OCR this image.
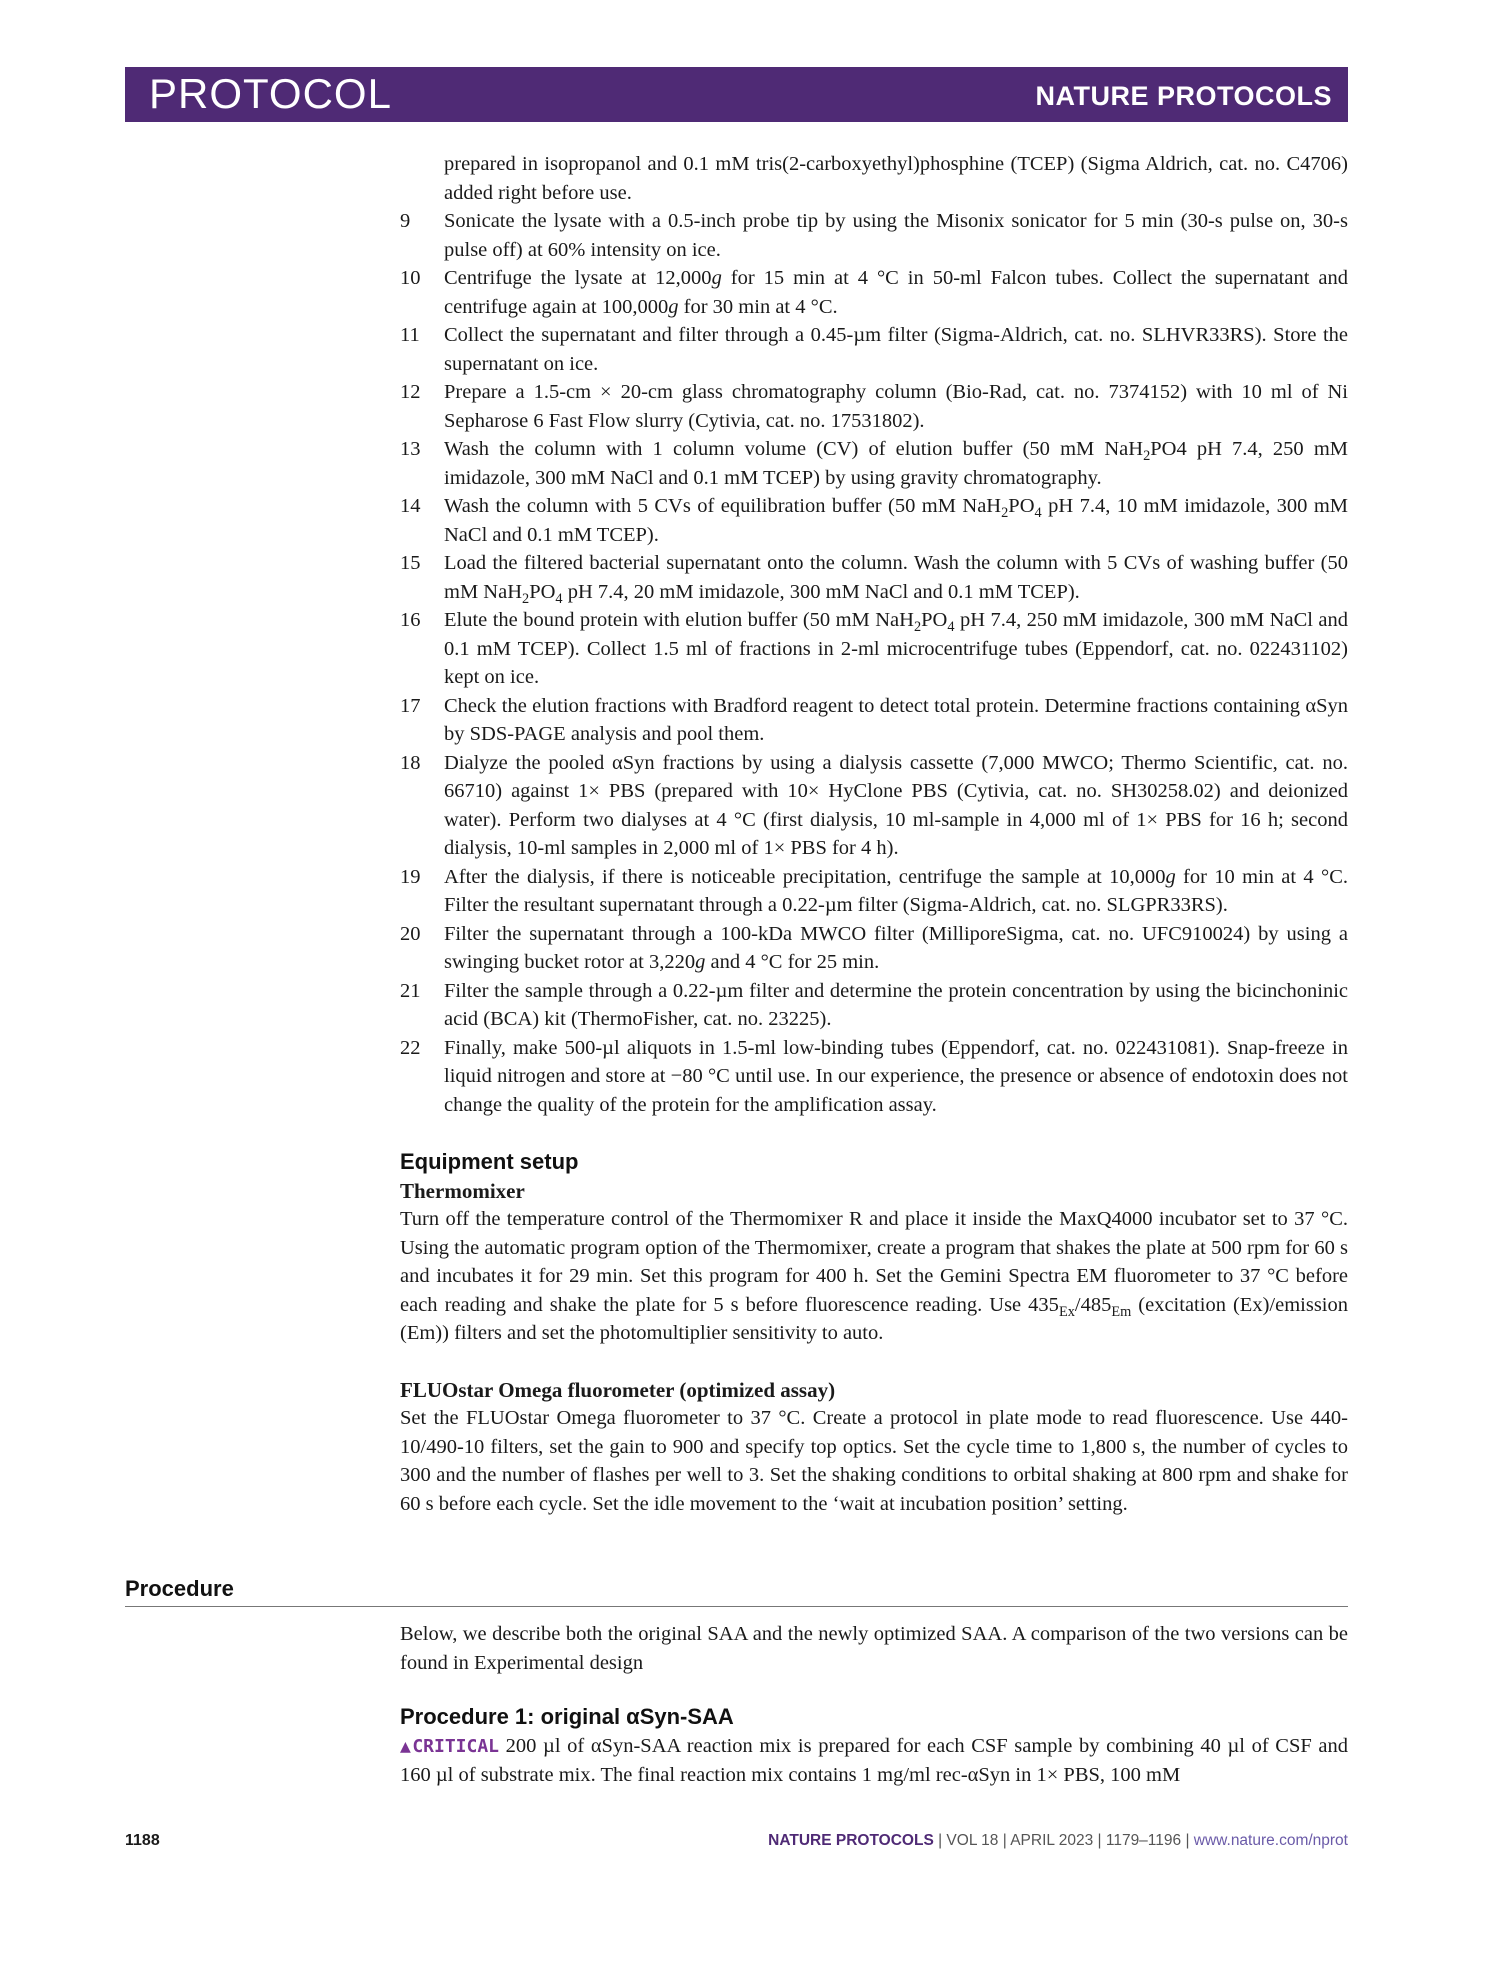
PROTOCOL	NATURE PROTOCOLS
prepared in isopropanol and 0.1 mM tris(2-carboxyethyl)phosphine (TCEP) (Sigma Aldrich, cat. no. C4706) added right before use.
9 Sonicate the lysate with a 0.5-inch probe tip by using the Misonix sonicator for 5 min (30-s pulse on, 30-s pulse off) at 60% intensity on ice.
10 Centrifuge the lysate at 12,000g for 15 min at 4 °C in 50-ml Falcon tubes. Collect the supernatant and centrifuge again at 100,000g for 30 min at 4 °C.
11 Collect the supernatant and filter through a 0.45-µm filter (Sigma-Aldrich, cat. no. SLHVR33RS). Store the supernatant on ice.
12 Prepare a 1.5-cm × 20-cm glass chromatography column (Bio-Rad, cat. no. 7374152) with 10 ml of Ni Sepharose 6 Fast Flow slurry (Cytivia, cat. no. 17531802).
13 Wash the column with 1 column volume (CV) of elution buffer (50 mM NaH$_2$PO4 pH 7.4, 250 mM imidazole, 300 mM NaCl and 0.1 mM TCEP) by using gravity chromatography.
14 Wash the column with 5 CVs of equilibration buffer (50 mM $NaH_2PO_4$ pH 7.4, 10 mM imidazole, 300 mM NaCl and 0.1 mM TCEP).
15 Load the filtered bacterial supernatant onto the column. Wash the column with 5 CVs of washing buffer (50 mM $NaH_2PO_4$ pH 7.4, 20 mM imidazole, 300 mM NaCl and 0.1 mM TCEP).
16 Elute the bound protein with elution buffer (50 mM $NaH_2PO_4$ pH 7.4, 250 mM imidazole, 300 mM NaCl and 0.1 mM TCEP). Collect 1.5 ml of fractions in 2-ml microcentrifuge tubes (Eppendorf, cat. no. 022431102) kept on ice.
17 Check the elution fractions with Bradford reagent to detect total protein. Determine fractions containing αSyn by SDS-PAGE analysis and pool them.
18 Dialyze the pooled αSyn fractions by using a dialysis cassette (7,000 MWCO; Thermo Scientific, cat. no. 66710) against 1× PBS (prepared with 10× HyClone PBS (Cytivia, cat. no. SH30258.02) and deionized water). Perform two dialyses at 4 °C (first dialysis, 10 ml-sample in 4,000 ml of 1× PBS for 16 h; second dialysis, 10-ml samples in 2,000 ml of 1× PBS for 4 h).
19 After the dialysis, if there is noticeable precipitation, centrifuge the sample at 10,000g for 10 min at 4 °C. Filter the resultant supernatant through a 0.22-µm filter (Sigma-Aldrich, cat. no. SLGPR33RS).
20 Filter the supernatant through a 100-kDa MWCO filter (MilliporeSigma, cat. no. UFC910024) by using a swinging bucket rotor at 3,220g and 4 °C for 25 min.
21 Filter the sample through a 0.22-µm filter and determine the protein concentration by using the bicinchoninic acid (BCA) kit (ThermoFisher, cat. no. 23225).
22 Finally, make 500-µl aliquots in 1.5-ml low-binding tubes (Eppendorf, cat. no. 022431081). Snap-freeze in liquid nitrogen and store at −80 °C until use. In our experience, the presence or absence of endotoxin does not change the quality of the protein for the amplification assay.
Equipment setup
Thermomixer
Turn off the temperature control of the Thermomixer R and place it inside the MaxQ4000 incubator set to 37 °C. Using the automatic program option of the Thermomixer, create a program that shakes the plate at 500 rpm for 60 s and incubates it for 29 min. Set this program for 400 h. Set the Gemini Spectra EM fluorometer to 37 °C before each reading and shake the plate for 5 s before fluorescence reading. Use $435_{Ex}/485_{Em}$ (excitation (Ex)/emission (Em)) filters and set the photomultiplier sensitivity to auto.
FLUOstar Omega fluorometer (optimized assay)
Set the FLUOstar Omega fluorometer to 37 °C. Create a protocol in plate mode to read fluorescence. Use 440-10/490-10 filters, set the gain to 900 and specify top optics. Set the cycle time to 1,800 s, the number of cycles to 300 and the number of flashes per well to 3. Set the shaking conditions to orbital shaking at 800 rpm and shake for 60 s before each cycle. Set the idle movement to the ‘wait at incubation position’ setting.
Procedure
Below, we describe both the original SAA and the newly optimized SAA. A comparison of the two versions can be found in Experimental design
Procedure 1: original αSyn-SAA
▲CRITICAL 200 µl of αSyn-SAA reaction mix is prepared for each CSF sample by combining 40 µl of CSF and 160 µl of substrate mix. The final reaction mix contains 1 mg/ml rec-αSyn in 1× PBS, 100 mM
1188	NATURE PROTOCOLS | VOL 18 | APRIL 2023 | 1179–1196 | www.nature.com/nprot
